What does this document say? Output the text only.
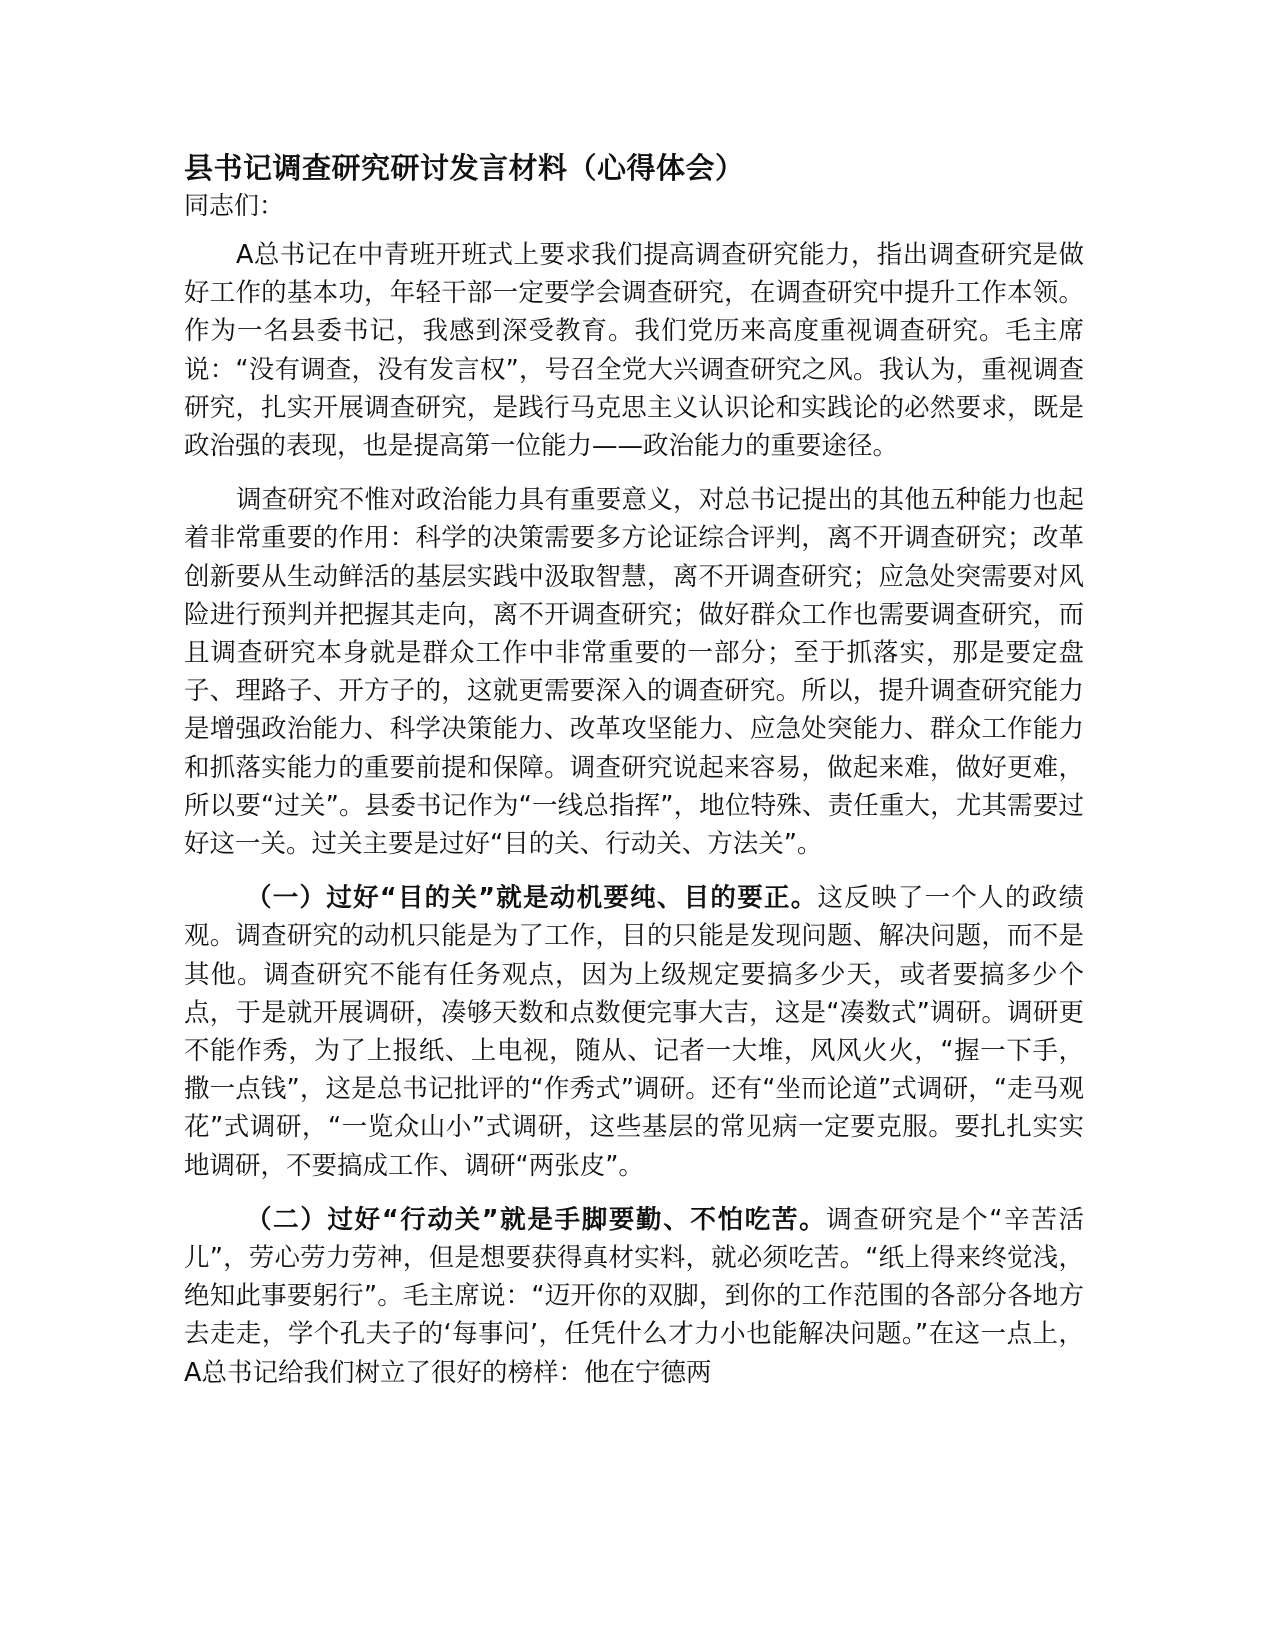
县书记调查研究研讨发言材料（心得体会）

同志们：

A总书记在中青班开班式上要求我们提高调查研究能力，指出调查研究是做好工作的基本功，年轻干部一定要学会调查研究，在调查研究中提升工作本领。作为一名县委书记，我感到深受教育。我们党历来高度重视调查研究。毛主席说：“没有调查，没有发言权”，号召全党大兴调查研究之风。我认为，重视调查研究，扎实开展调查研究，是践行马克思主义认识论和实践论的必然要求，既是政治强的表现，也是提高第一位能力——政治能力的重要途径。

调查研究不惟对政治能力具有重要意义，对总书记提出的其他五种能力也起着非常重要的作用：科学的决策需要多方论证综合评判，离不开调查研究；改革创新要从生动鲜活的基层实践中汲取智慧，离不开调查研究；应急处突需要对风险进行预判并把握其走向，离不开调查研究；做好群众工作也需要调查研究，而且调查研究本身就是群众工作中非常重要的一部分；至于抓落实，那是要定盘子、理路子、开方子的，这就更需要深入的调查研究。所以，提升调查研究能力是增强政治能力、科学决策能力、改革攻坚能力、应急处突能力、群众工作能力和抓落实能力的重要前提和保障。调查研究说起来容易，做起来难，做好更难，所以要“过关”。县委书记作为“一线总指挥”，地位特殊、责任重大，尤其需要过好这一关。过关主要是过好“目的关、行动关、方法关”。

（一）过好“目的关”就是动机要纯、目的要正。这反映了一个人的政绩观。调查研究的动机只能是为了工作，目的只能是发现问题、解决问题，而不是其他。调查研究不能有任务观点，因为上级规定要搞多少天，或者要搞多少个点，于是就开展调研，凑够天数和点数便完事大吉，这是“凑数式”调研。调研更不能作秀，为了上报纸、上电视，随从、记者一大堆，风风火火，“握一下手，撒一点钱”，这是总书记批评的“作秀式”调研。还有“坐而论道”式调研，“走马观花”式调研，“一览众山小”式调研，这些基层的常见病一定要克服。要扎扎实实地调研，不要搞成工作、调研“两张皮”。

（二）过好“行动关”就是手脚要勤、不怕吃苦。调查研究是个“辛苦活儿”，劳心劳力劳神，但是想要获得真材实料，就必须吃苦。“纸上得来终觉浅，绝知此事要躬行”。毛主席说：“迈开你的双脚，到你的工作范围的各部分各地方去走走，学个孔夫子的‘每事问’，任凭什么才力小也能解决问题。”在这一点上，A总书记给我们树立了很好的榜样：他在宁德两
